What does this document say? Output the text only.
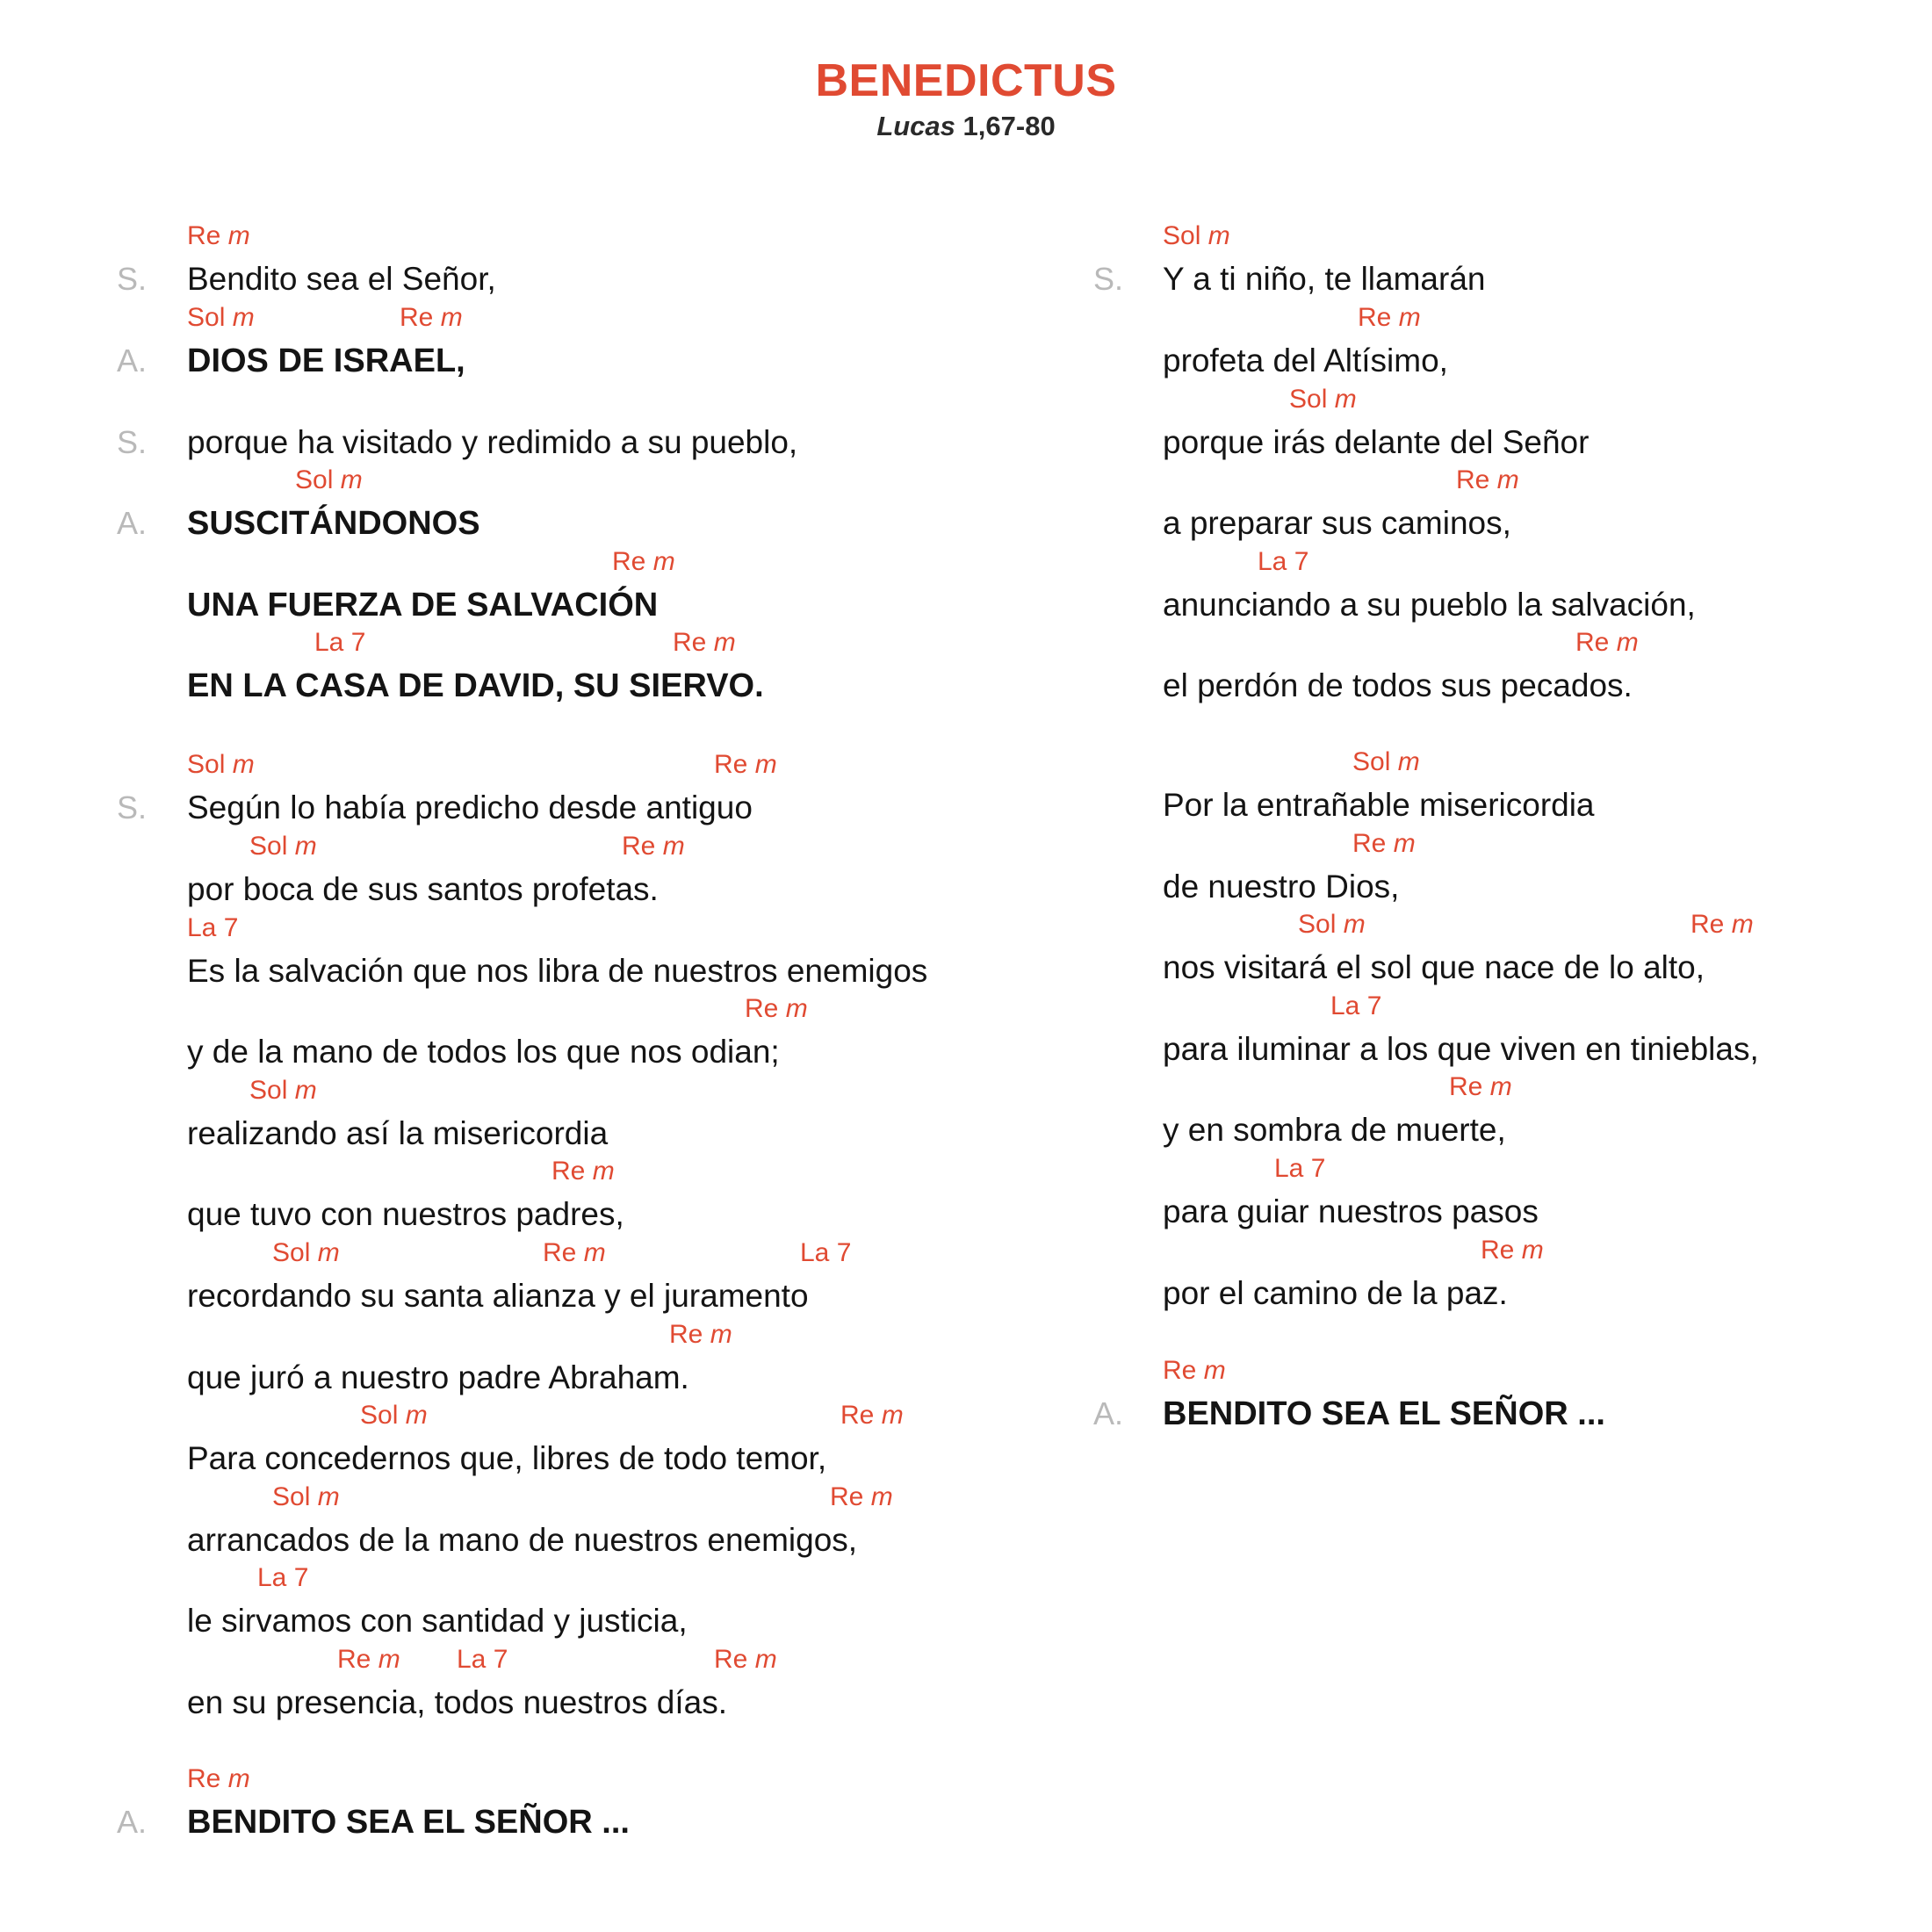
BENEDICTUS
Lucas 1,67-80
S. Bendito sea el Señor,
Re m
A. DIOS DE ISRAEL,
Sol m	Re m
S. porque ha visitado y redimido a su pueblo,
A. SUSCITÁNDONOS
Sol m
UNA FUERZA DE SALVACIÓN
Re m
EN LA CASA DE DAVID, SU SIERVO.
La 7	Re m
S. Según lo había predicho desde antiguo
Sol m	Re m
por boca de sus santos profetas.
Sol m	Re m
Es la salvación que nos libra de nuestros enemigos
La 7
y de la mano de todos los que nos odian;
Re m
realizando así la misericordia
Sol m
que tuvo con nuestros padres,
Re m
recordando su santa alianza y el juramento
Sol m	Re m	La 7
que juró a nuestro padre Abraham.
Re m
Para concedernos que, libres de todo temor,
Sol m	Re m
arrancados de la mano de nuestros enemigos,
Sol m	Re m
le sirvamos con santidad y justicia,
La 7
en su presencia, todos nuestros días.
Re m La 7	Re m
A. BENDITO SEA EL SEÑOR ...
Re m
S. Y a ti niño, te llamarán
Sol m
profeta del Altísimo,
Re m
porque irás delante del Señor
Sol m
a preparar sus caminos,
Re m
anunciando a su pueblo la salvación,
La 7
el perdón de todos sus pecados.
Re m
Por la entrañable misericordia
Sol m
de nuestro Dios,
Re m
nos visitará el sol que nace de lo alto,
Sol m	Re m
para iluminar a los que viven en tinieblas,
La 7
y en sombra de muerte,
Re m
para guiar nuestros pasos
La 7
por el camino de la paz.
Re m
A. BENDITO SEA EL SEÑOR ...
Re m
